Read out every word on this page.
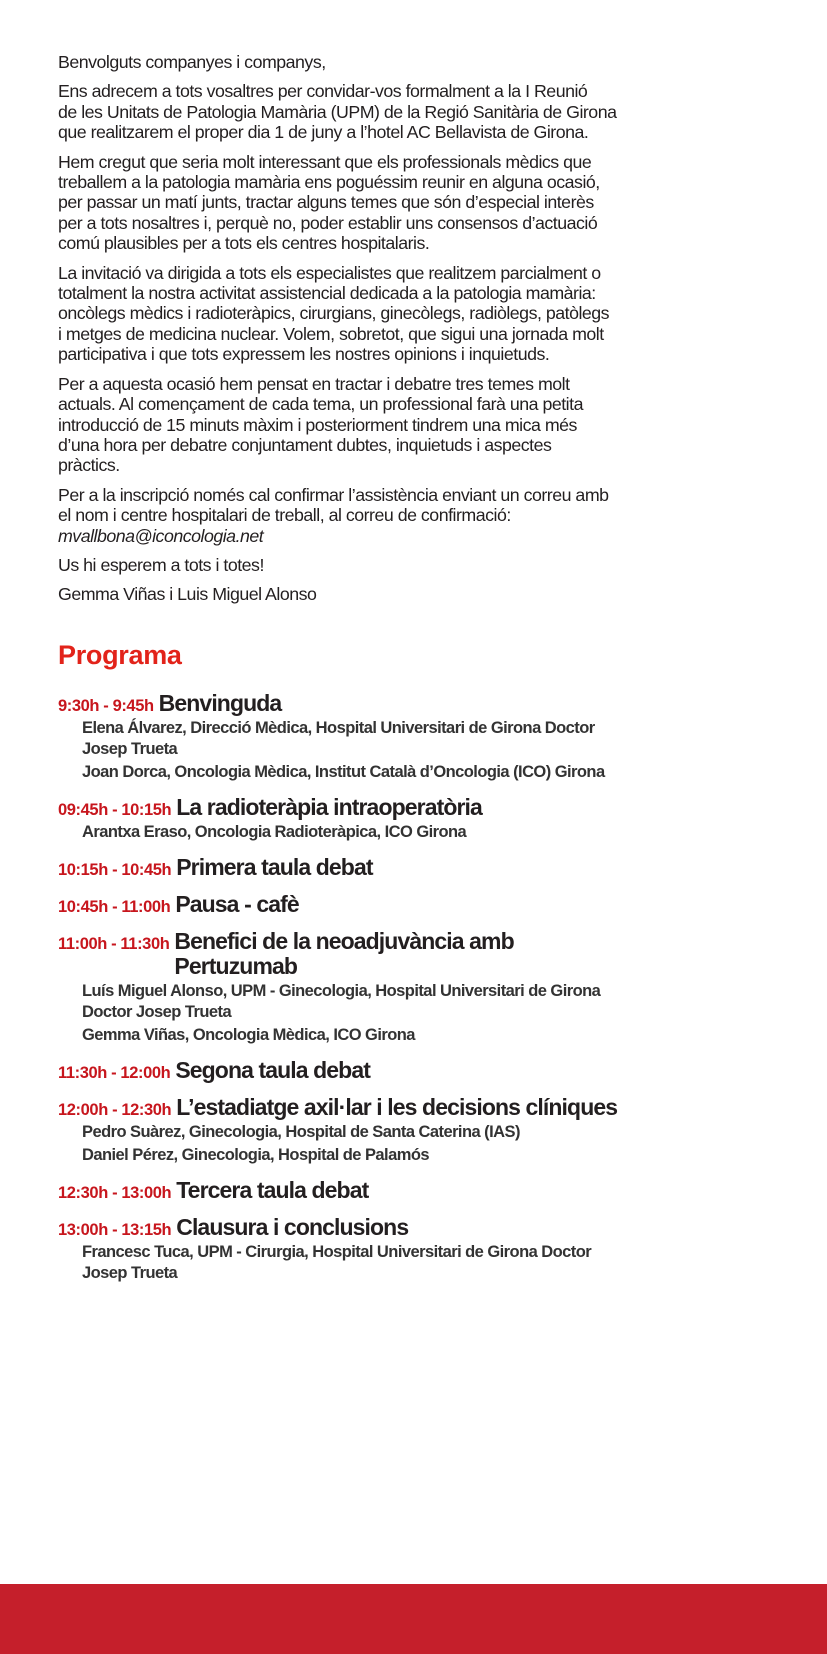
Benvolguts companyes i companys,

Ens adrecem a tots vosaltres per convidar-vos formalment a la I Reunió
de les Unitats de Patologia Mamària (UPM) de la Regió Sanitària de Girona
que realitzarem el proper dia 1 de juny a l’hotel AC Bellavista de Girona.

Hem cregut que seria molt interessant que els professionals mèdics que
treballem a la patologia mamària ens poguéssim reunir en alguna ocasió,
per passar un matí junts, tractar alguns temes que són d’especial interès
per a tots nosaltres i, perquè no, poder establir uns consensos d’actuació
comú plausibles per a tots els centres hospitalaris.

La invitació va dirigida a tots els especialistes que realitzem parcialment o
totalment la nostra activitat assistencial dedicada a la patologia mamària:
oncòlegs mèdics i radioteràpics, cirurgians, ginecòlegs, radiòlegs, patòlegs
i metges de medicina nuclear. Volem, sobretot, que sigui una jornada molt
participativa i que tots expressem les nostres opinions i inquietuds.

Per a aquesta ocasió hem pensat en tractar i debatre tres temes molt
actuals. Al començament de cada tema, un professional farà una petita
introducció de 15 minuts màxim i posteriorment tindrem una mica més
d’una hora per debatre conjuntament dubtes, inquietuds i aspectes
pràctics.

Per a la inscripció només cal confirmar l’assistència enviant un correu amb
el nom i centre hospitalari de treball, al correu de confirmació:

mvallbona@iconcologia.net

Us hi esperem a tots i totes!

Gemma Viñas i Luis Miguel Alonso

Programa
9:30h - 9:45h Benvinguda
Elena Álvarez, Direcció Mèdica, Hospital Universitari de Girona Doctor
Josep Trueta
Joan Dorca, Oncologia Mèdica, Institut Català d’Oncologia (ICO) Girona
09:45h - 10:15h La radioteràpia intraoperatòria
Arantxa Eraso, Oncologia Radioteràpica, ICO Girona
10:15h - 10:45h Primera taula debat
10:45h - 11:00h Pausa - cafè
11:00h - 11:30h Benefici de la neoadjuvància amb
Pertuzumab
Luís Miguel Alonso, UPM - Ginecologia, Hospital Universitari de Girona
Doctor Josep Trueta
Gemma Viñas, Oncologia Mèdica, ICO Girona
11:30h - 12:00h Segona taula debat
12:00h - 12:30h L’estadiatge axil·lar i les decisions clíniques
Pedro Suàrez, Ginecologia, Hospital de Santa Caterina (IAS)
Daniel Pérez, Ginecologia, Hospital de Palamós
12:30h - 13:00h Tercera taula debat
13:00h - 13:15h Clausura i conclusions
Francesc Tuca, UPM - Cirurgia, Hospital Universitari de Girona Doctor
Josep Trueta
